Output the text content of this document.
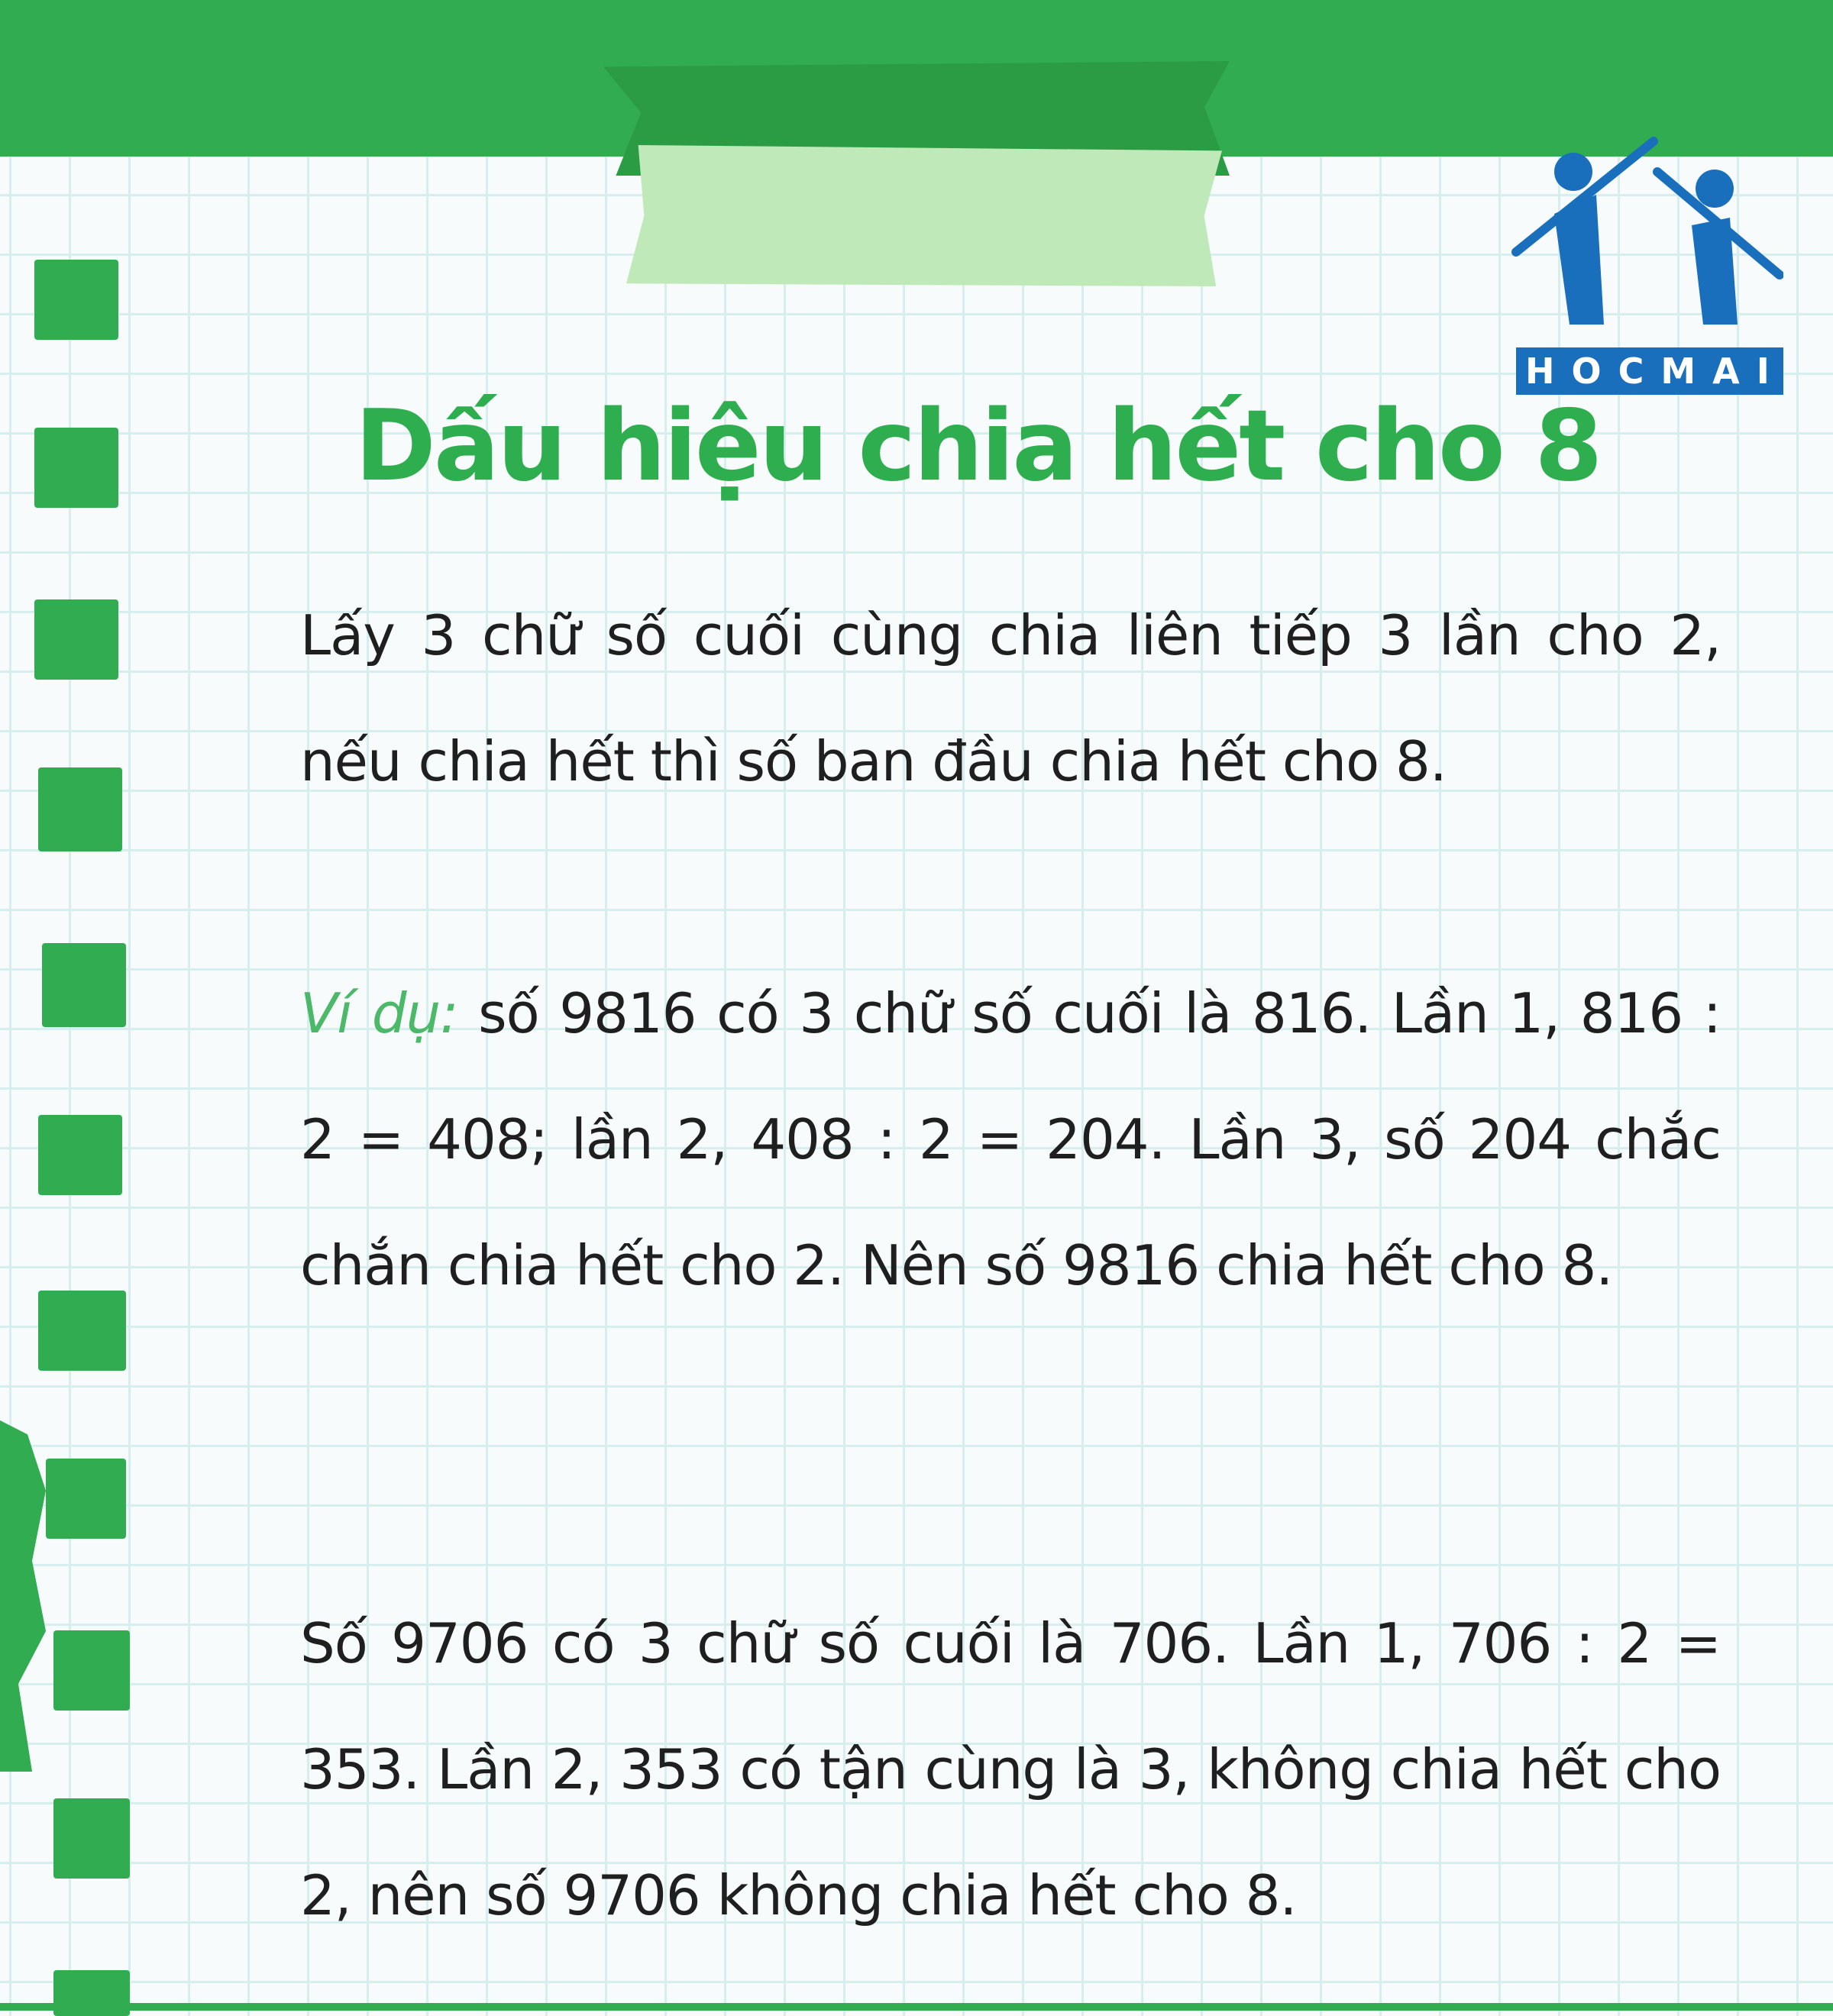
HOCMAI
Dấu hiệu chia hết cho 8

Lấy 3 chữ số cuối cùng chia liên tiếp 3 lần cho 2, nếu chia hết thì số ban đầu chia hết cho 8.

Ví dụ: số 9816 có 3 chữ số cuối là 816. Lần 1, 816 : 2 = 408; lần 2, 408 : 2 = 204. Lần 3, số 204 chắc chắn chia hết cho 2. Nên số 9816 chia hết cho 8.

Số 9706 có 3 chữ số cuối là 706. Lần 1, 706 : 2 = 353. Lần 2, 353 có tận cùng là 3, không chia hết cho 2, nên số 9706 không chia hết cho 8.
